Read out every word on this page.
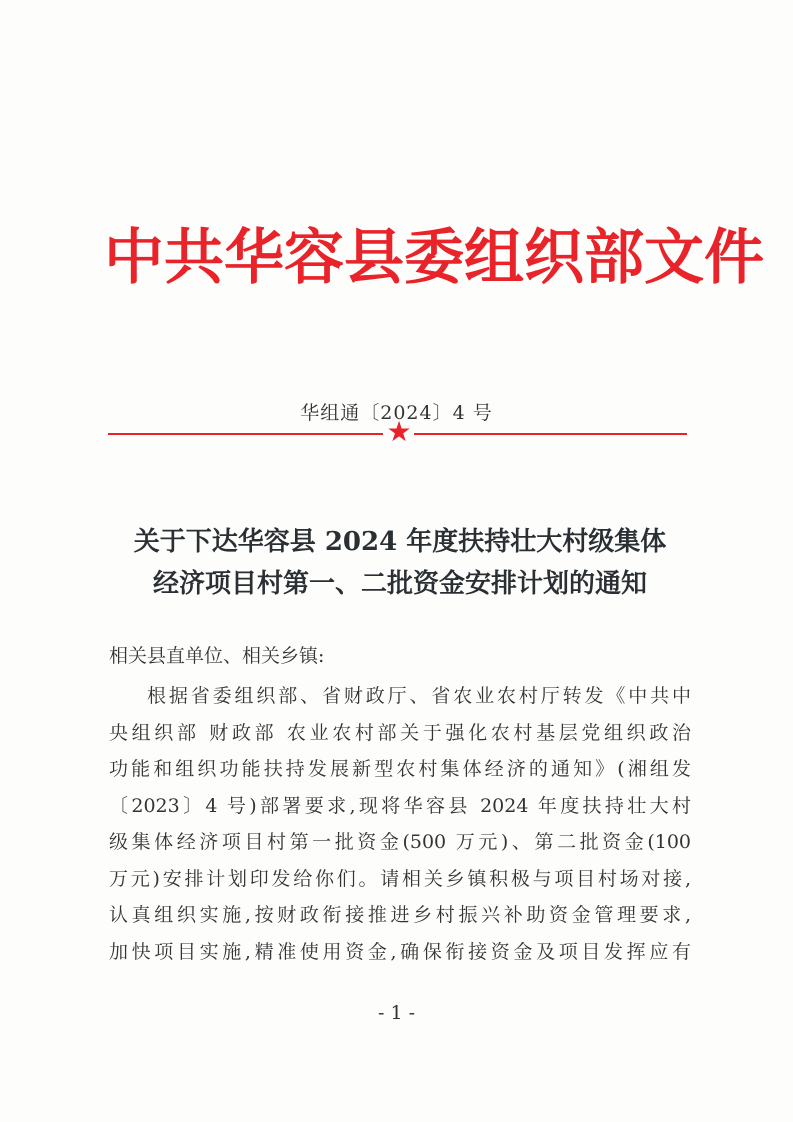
中共华容县委组织部文件
华组通〔2024〕4 号
★
关于下达华容县 2024 年度扶持壮大村级集体
经济项目村第一、二批资金安排计划的通知
相关县直单位、相关乡镇:
根据省委组织部、省财政厅、省农业农村厅转发《中共中
央组织部 财政部 农业农村部关于强化农村基层党组织政治
功能和组织功能扶持发展新型农村集体经济的通知》(湘组发
〔2023〕4 号)部署要求,现将华容县 2024 年度扶持壮大村
级集体经济项目村第一批资金(500 万元)、第二批资金(100
万元)安排计划印发给你们。请相关乡镇积极与项目村场对接,
认真组织实施,按财政衔接推进乡村振兴补助资金管理要求,
加快项目实施,精准使用资金,确保衔接资金及项目发挥应有
- 1 -
